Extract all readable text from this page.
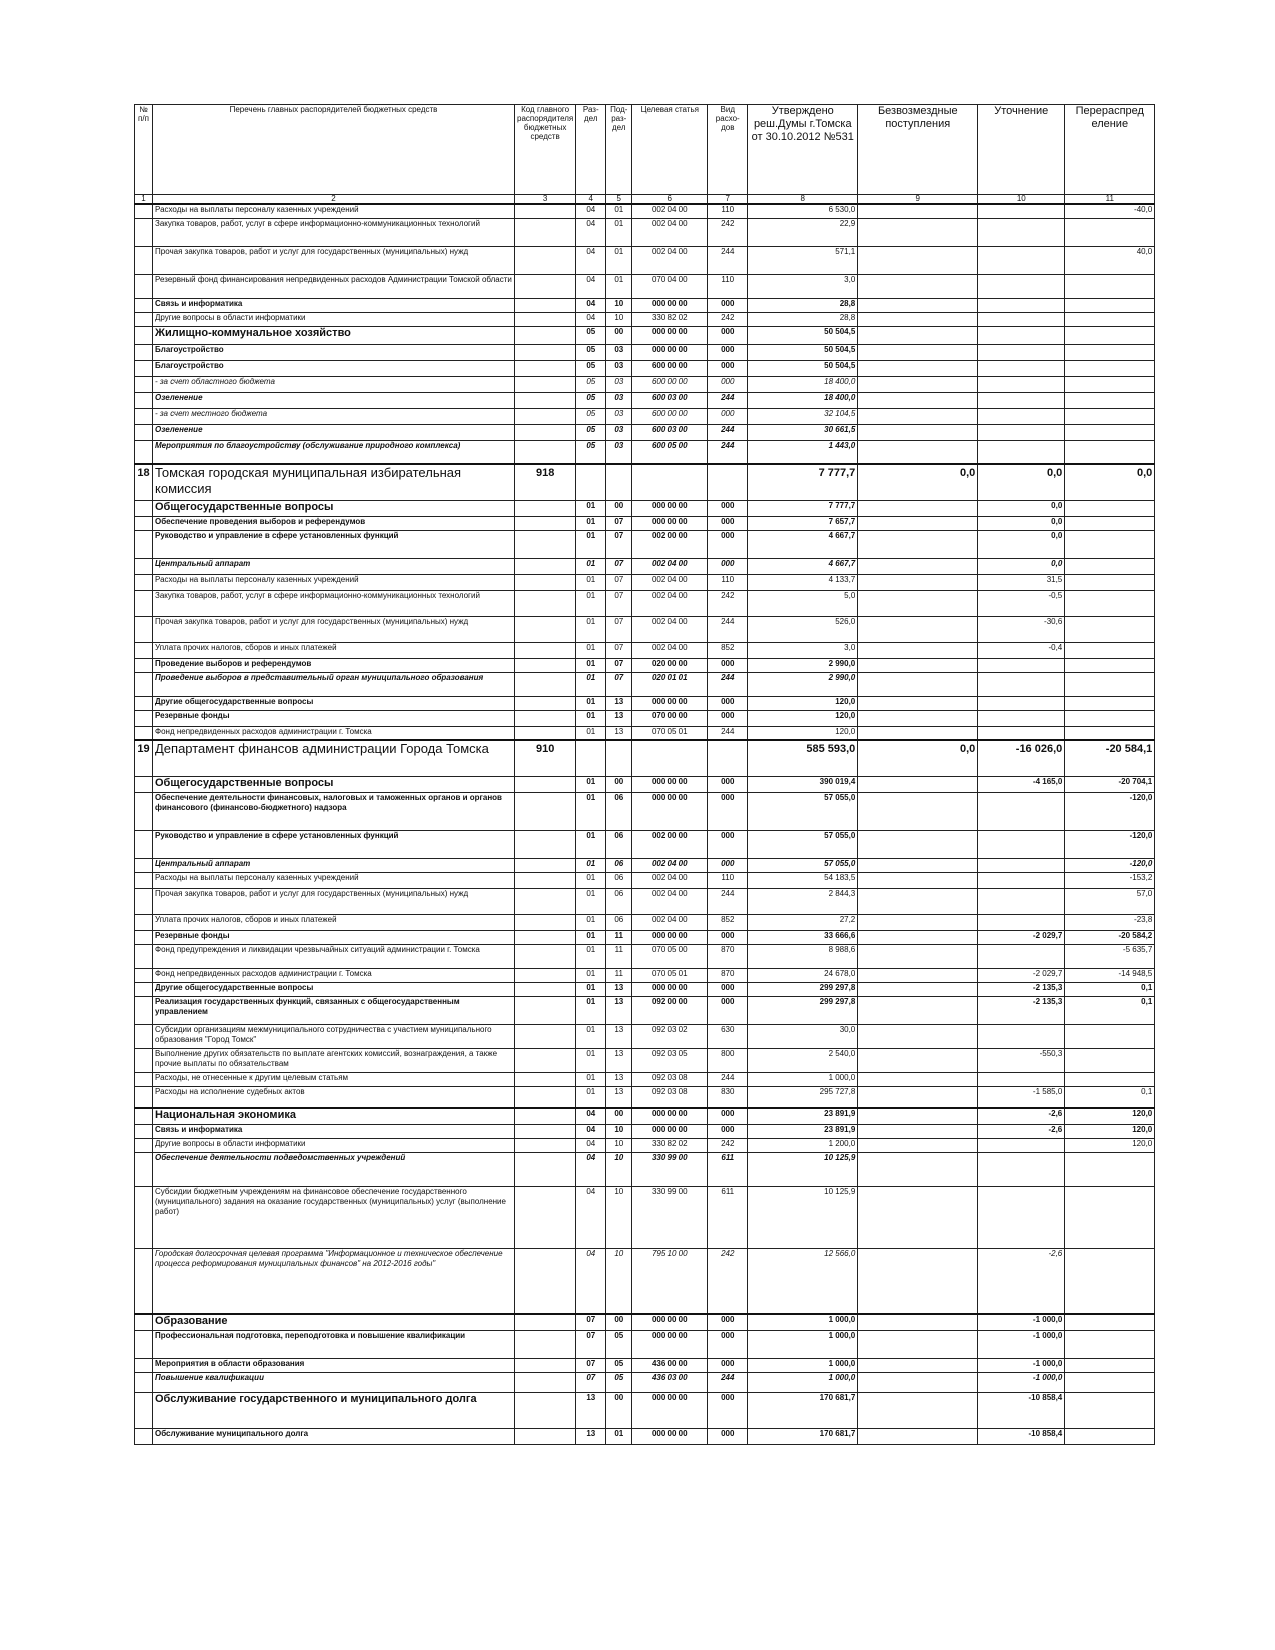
№ п/п	Перечень главных распорядителей бюджетных средств	Код главного распорядителя бюджетных средств	Раз-дел	Под-раз-дел	Целевая статья	Вид расхо-дов	Утверждено реш.Думы г.Томска от 30.10.2012 №531	Безвозмездные поступления	Уточнение	Перераспред еление
1	2	3	4	5	6	7	8	9	10	11
	Расходы на выплаты персоналу казенных учреждений		04	01	002 04 00	110	6 530,0			-40,0
	Закупка товаров, работ, услуг в сфере информационно-коммуникационных технологий		04	01	002 04 00	242	22,9			
	Прочая закупка товаров, работ и услуг для государственных (муниципальных) нужд		04	01	002 04 00	244	571,1			40,0
	Резервный фонд финансирования непредвиденных расходов Администрации Томской области		04	01	070 04 00	110	3,0			
	Связь и информатика		04	10	000 00 00	000	28,8			
	Другие вопросы в области информатики		04	10	330 82 02	242	28,8			
	Жилищно-коммунальное хозяйство		05	00	000 00 00	000	50 504,5			
	Благоустройство		05	03	000 00 00	000	50 504,5			
	Благоустройство		05	03	600 00 00	000	50 504,5			
	- за счет областного бюджета		05	03	600 00 00	000	18 400,0			
	Озеленение		05	03	600 03 00	244	18 400,0			
	- за счет местного бюджета		05	03	600 00 00	000	32 104,5			
	Озеленение		05	03	600 03 00	244	30 661,5			
	Мероприятия по благоустройству (обслуживание природного комплекса)		05	03	600 05 00	244	1 443,0			
18	Томская городская муниципальная избирательная комиссия	918					7 777,7	0,0	0,0	0,0
	Общегосударственные вопросы		01	00	000 00 00	000	7 777,7		0,0	
	Обеспечение проведения выборов и референдумов		01	07	000 00 00	000	7 657,7		0,0	
	Руководство и управление в сфере установленных функций		01	07	002 00 00	000	4 667,7		0,0	
	Центральный аппарат		01	07	002 04 00	000	4 667,7		0,0	
	Расходы на выплаты персоналу казенных учреждений		01	07	002 04 00	110	4 133,7		31,5	
	Закупка товаров, работ, услуг в сфере информационно-коммуникационных технологий		01	07	002 04 00	242	5,0		-0,5	
	Прочая закупка товаров, работ и услуг для государственных (муниципальных) нужд		01	07	002 04 00	244	526,0		-30,6	
	Уплата прочих налогов, сборов и иных платежей		01	07	002 04 00	852	3,0		-0,4	
	Проведение выборов и референдумов		01	07	020 00 00	000	2 990,0			
	Проведение выборов в представительный орган муниципального образования		01	07	020 01 01	244	2 990,0			
	Другие общегосударственные вопросы		01	13	000 00 00	000	120,0			
	Резервные фонды		01	13	070 00 00	000	120,0			
	Фонд непредвиденных расходов администрации г. Томска		01	13	070 05 01	244	120,0			
19	Департамент финансов администрации Города Томска	910					585 593,0	0,0	-16 026,0	-20 584,1
	Общегосударственные вопросы		01	00	000 00 00	000	390 019,4		-4 165,0	-20 704,1
	Обеспечение деятельности финансовых, налоговых и таможенных органов и органов финансового (финансово-бюджетного) надзора		01	06	000 00 00	000	57 055,0			-120,0
	Руководство и управление в сфере установленных функций		01	06	002 00 00	000	57 055,0			-120,0
	Центральный аппарат		01	06	002 04 00	000	57 055,0			-120,0
	Расходы на выплаты персоналу казенных учреждений		01	06	002 04 00	110	54 183,5			-153,2
	Прочая закупка товаров, работ и услуг для государственных (муниципальных) нужд		01	06	002 04 00	244	2 844,3			57,0
	Уплата прочих налогов, сборов и иных платежей		01	06	002 04 00	852	27,2			-23,8
	Резервные фонды		01	11	000 00 00	000	33 666,6		-2 029,7	-20 584,2
	Фонд предупреждения и ликвидации чрезвычайных ситуаций администрации г. Томска		01	11	070 05 00	870	8 988,6			-5 635,7
	Фонд непредвиденных расходов администрации г. Томска		01	11	070 05 01	870	24 678,0		-2 029,7	-14 948,5
	Другие общегосударственные вопросы		01	13	000 00 00	000	299 297,8		-2 135,3	0,1
	Реализация государственных функций, связанных с общегосударственным управлением		01	13	092 00 00	000	299 297,8		-2 135,3	0,1
	Субсидии организациям межмуниципального сотрудничества с участием муниципального образования "Город Томск"		01	13	092 03 02	630	30,0			
	Выполнение других обязательств по выплате агентских комиссий, вознаграждения, а также прочие выплаты по обязательствам		01	13	092 03 05	800	2 540,0		-550,3	
	Расходы, не отнесенные к другим целевым статьям		01	13	092 03 08	244	1 000,0			
	Расходы на исполнение судебных актов		01	13	092 03 08	830	295 727,8		-1 585,0	0,1
	Национальная экономика		04	00	000 00 00	000	23 891,9		-2,6	120,0
	Связь и информатика		04	10	000 00 00	000	23 891,9		-2,6	120,0
	Другие вопросы в области информатики		04	10	330 82 02	242	1 200,0			120,0
	Обеспечение деятельности подведомственных учреждений		04	10	330 99 00	611	10 125,9			
	Субсидии бюджетным учреждениям на финансовое обеспечение государственного (муниципального) задания на оказание государственных (муниципальных) услуг (выполнение работ)		04	10	330 99 00	611	10 125,9			
	Городская долгосрочная целевая программа "Информационное и техническое обеспечение процесса реформирования муниципальных финансов" на 2012-2016 годы"		04	10	795 10 00	242	12 566,0		-2,6	
	Образование		07	00	000 00 00	000	1 000,0		-1 000,0	
	Профессиональная подготовка, переподготовка и повышение квалификации		07	05	000 00 00	000	1 000,0		-1 000,0	
	Мероприятия в области образования		07	05	436 00 00	000	1 000,0		-1 000,0	
	Повышение квалификации		07	05	436 03 00	244	1 000,0		-1 000,0	
	Обслуживание государственного и муниципального долга		13	00	000 00 00	000	170 681,7		-10 858,4	
	Обслуживание муниципального долга		13	01	000 00 00	000	170 681,7		-10 858,4	
